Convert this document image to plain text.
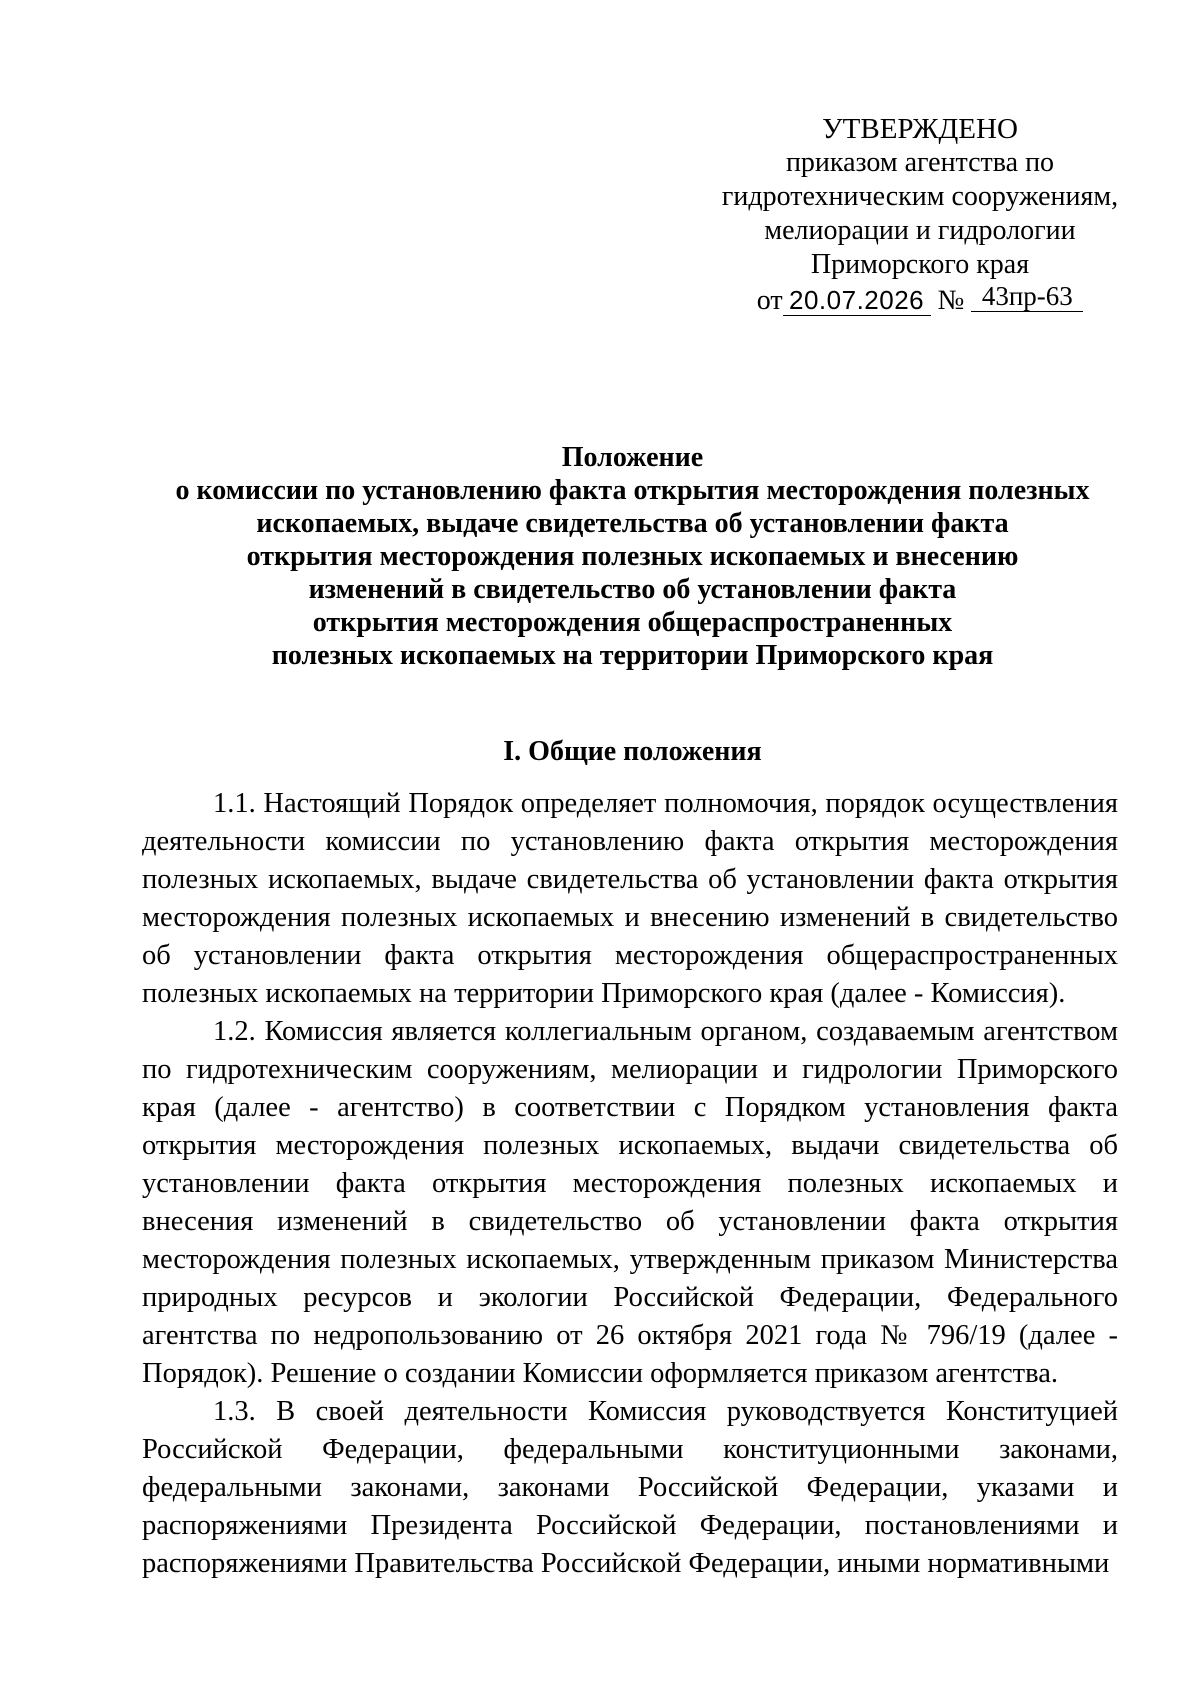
УТВЕРЖДЕНО
приказом агентства по
гидротехническим сооружениям,
мелиорации и гидрологии
Приморского края
от 20.07.2026 № 43пр-63
Положение
о комиссии по установлению факта открытия месторождения полезных
ископаемых, выдаче свидетельства об установлении факта
открытия месторождения полезных ископаемых и внесению
изменений в свидетельство об установлении факта
открытия месторождения общераспространенных
полезных ископаемых на территории Приморского края
I. Общие положения

1.1. Настоящий Порядок определяет полномочия, порядок осуществления деятельности комиссии по установлению факта открытия месторождения полезных ископаемых, выдаче свидетельства об установлении факта открытия месторождения полезных ископаемых и внесению изменений в свидетельство об установлении факта открытия месторождения общераспространенных полезных ископаемых на территории Приморского края (далее - Комиссия).

1.2. Комиссия является коллегиальным органом, создаваемым агентством по гидротехническим сооружениям, мелиорации и гидрологии Приморского края (далее - агентство) в соответствии с Порядком установления факта открытия месторождения полезных ископаемых, выдачи свидетельства об установлении факта открытия месторождения полезных ископаемых и внесения изменений в свидетельство об установлении факта открытия месторождения полезных ископаемых, утвержденным приказом Министерства природных ресурсов и экологии Российской Федерации, Федерального агентства по недропользованию от 26 октября 2021 года № 796/19 (далее - Порядок). Решение о создании Комиссии оформляется приказом агентства.

1.3. В своей деятельности Комиссия руководствуется Конституцией Российской Федерации, федеральными конституционными законами, федеральными законами, законами Российской Федерации, указами и распоряжениями Президента Российской Федерации, постановлениями и распоряжениями Правительства Российской Федерации, иными нормативными
